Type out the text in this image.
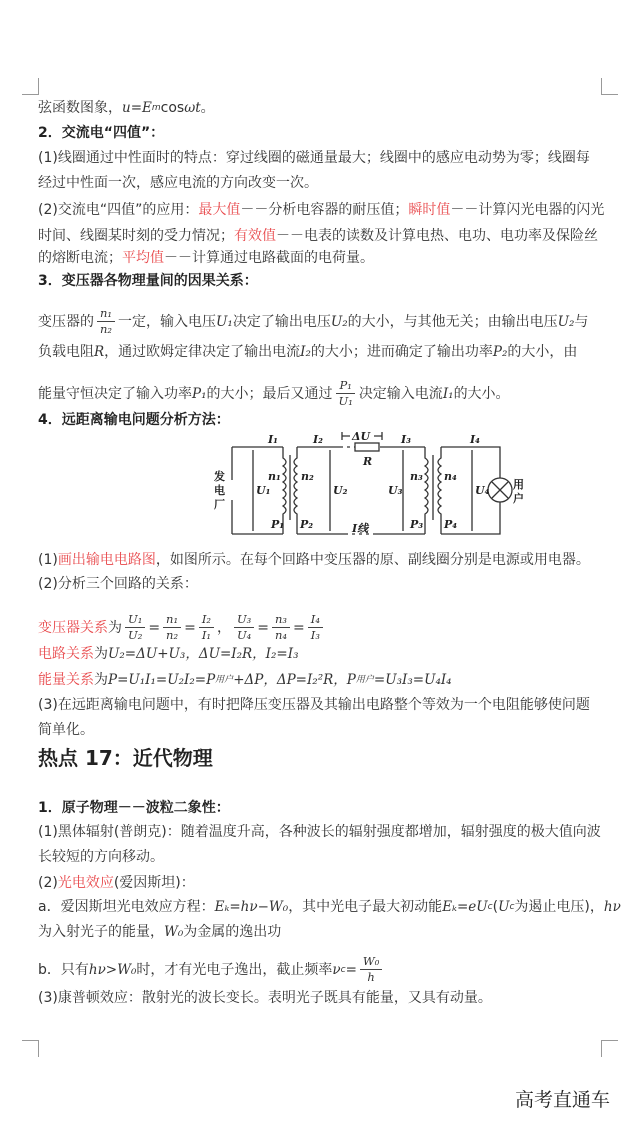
弦函数图象， u=E m cos ωt 。
2．交流电“四值”：
(1)线圈通过中性面时的特点：穿过线圈的磁通量最大；线圈中的感应电动势为零；线圈每
经过中性面一次，感应电流的方向改变一次。
(2)交流电“四值”的应用： 最大值 －－分析电容器的耐压值； 瞬时值 －－计算闪光电器的闪光
时间、线圈某时刻的受力情况； 有效值 －－电表的读数及计算电热、电功、电功率及保险丝
的熔断电流； 平均值 －－计算通过电路截面的电荷量。
3．变压器各物理量间的因果关系：
变压器的 $\frac{\text{n₁}}{\text{n₂}}$ 一定，输入电压 U₁ 决定了输出电压 U₂ 的大小，与其他无关；由输出电压 U₂ 与
负载电阻 R ，通过欧姆定律决定了输出电流 I₂ 的大小；进而确定了输出功率 P₂ 的大小，由
能量守恒决定了输入功率 P₁ 的大小；最后又通过 $\frac{\text{P₁}}{\text{U₁}}$ 决定输入电流 I₁ 的大小。
4．远距离输电问题分析方法：
(1) 画出输电电路图 ，如图所示。在每个回路中变压器的原、副线圈分别是电源或用电器。
(2)分析三个回路的关系：
变压器关系 为 $\frac{\text{U₁}}{\text{U₂}} = \frac{\text{n₁}}{\text{n₂}} = \frac{\text{I₂}}{\text{I₁}}$ ， $\frac{\text{U₃}}{\text{U₄}} = \frac{\text{n₃}}{\text{n₄}} = \frac{\text{I₄}}{\text{I₃}}$
电路关系 为 U₂=ΔU+U₃，ΔU=I₂R，I₂=I₃
能量关系 为 P=U₁I₁=U₂I₂=P 用户 +ΔP，ΔP=I₂²R，P 用户 =U₃I₃=U₄I₄
(3)在远距离输电问题中，有时把降压变压器及其输出电路整个等效为一个电阻能够使问题
简单化。
热点 17：近代物理
1．原子物理－－波粒二象性：
(1)黑体辐射(普朗克)：随着温度升高，各种波长的辐射强度都增加，辐射强度的极大值向波
长较短的方向移动。
(2) 光电效应 (爱因斯坦)：
a．爱因斯坦光电效应方程： Eₖ=hν−W₀ ，其中光电子最大初动能 Eₖ=eU c ( U c 为遏止电压)， hν
为入射光子的能量， W₀ 为金属的逸出功
b．只有 hν>W₀ 时，才有光电子逸出，截止频率 ν $c = \frac{\text{W₀}}{h}$
(3)康普顿效应：散射光的波长变长。表明光子既具有能量，又具有动量。
I₁	I₂	ΔU
R
I₃	I₄
发
电
厂
U₁
n₁ n₂
U₂	U₃
n₃ n₄
U₄ 用
户
P₁ P₂	I线	P₃ P₄
高考直通车
